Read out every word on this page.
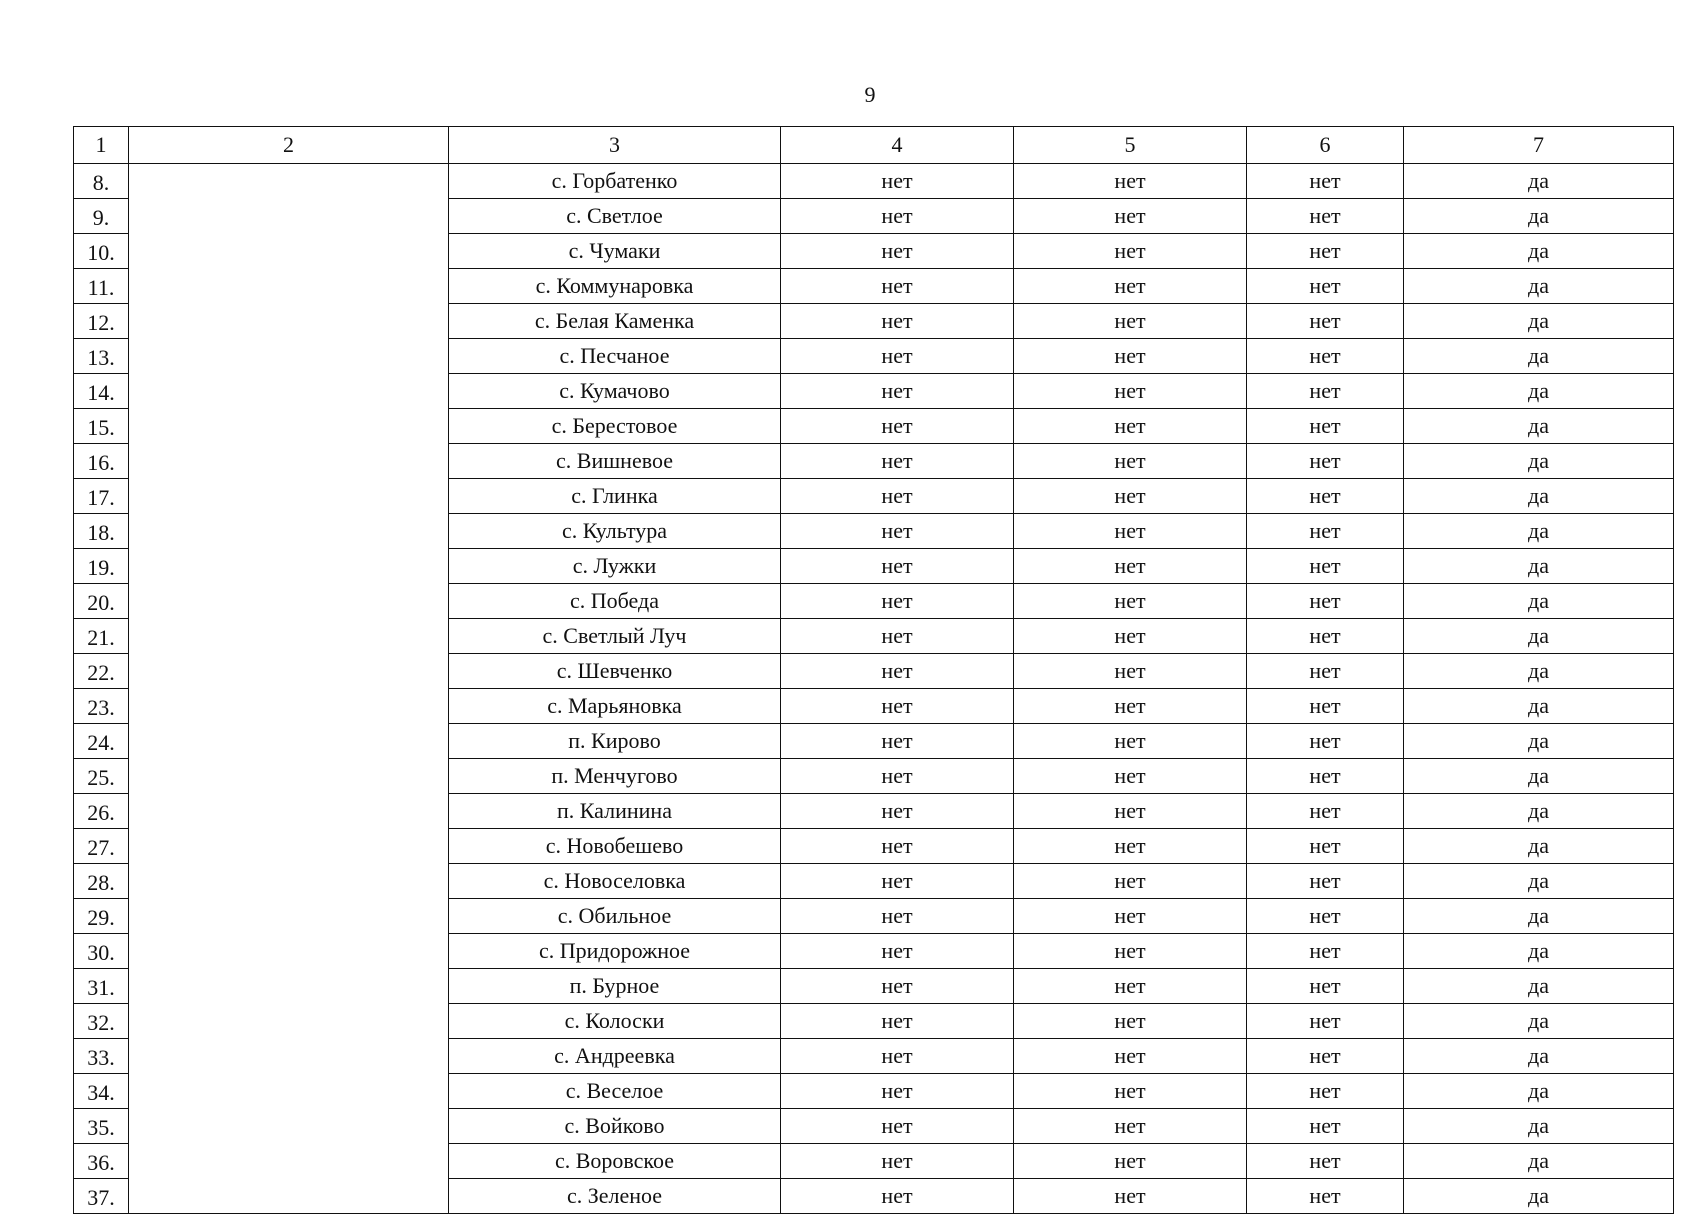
9
1	2	3	4	5	6	7
8.		с. Горбатенко	нет	нет	нет	да
9.		с. Светлое	нет	нет	нет	да
10.		с. Чумаки	нет	нет	нет	да
11.		с. Коммунаровка	нет	нет	нет	да
12.		с. Белая Каменка	нет	нет	нет	да
13.		с. Песчаное	нет	нет	нет	да
14.		с. Кумачово	нет	нет	нет	да
15.		с. Берестовое	нет	нет	нет	да
16.		с. Вишневое	нет	нет	нет	да
17.		с. Глинка	нет	нет	нет	да
18.		с. Культура	нет	нет	нет	да
19.		с. Лужки	нет	нет	нет	да
20.		с. Победа	нет	нет	нет	да
21.		с. Светлый Луч	нет	нет	нет	да
22.		с. Шевченко	нет	нет	нет	да
23.		с. Марьяновка	нет	нет	нет	да
24.		п. Кирово	нет	нет	нет	да
25.		п. Менчугово	нет	нет	нет	да
26.		п. Калинина	нет	нет	нет	да
27.		с. Новобешево	нет	нет	нет	да
28.		с. Новоселовка	нет	нет	нет	да
29.		с. Обильное	нет	нет	нет	да
30.		с. Придорожное	нет	нет	нет	да
31.		п. Бурное	нет	нет	нет	да
32.		с. Колоски	нет	нет	нет	да
33.		с. Андреевка	нет	нет	нет	да
34.		с. Веселое	нет	нет	нет	да
35.		с. Войково	нет	нет	нет	да
36.		с. Воровское	нет	нет	нет	да
37.		с. Зеленое	нет	нет	нет	да
